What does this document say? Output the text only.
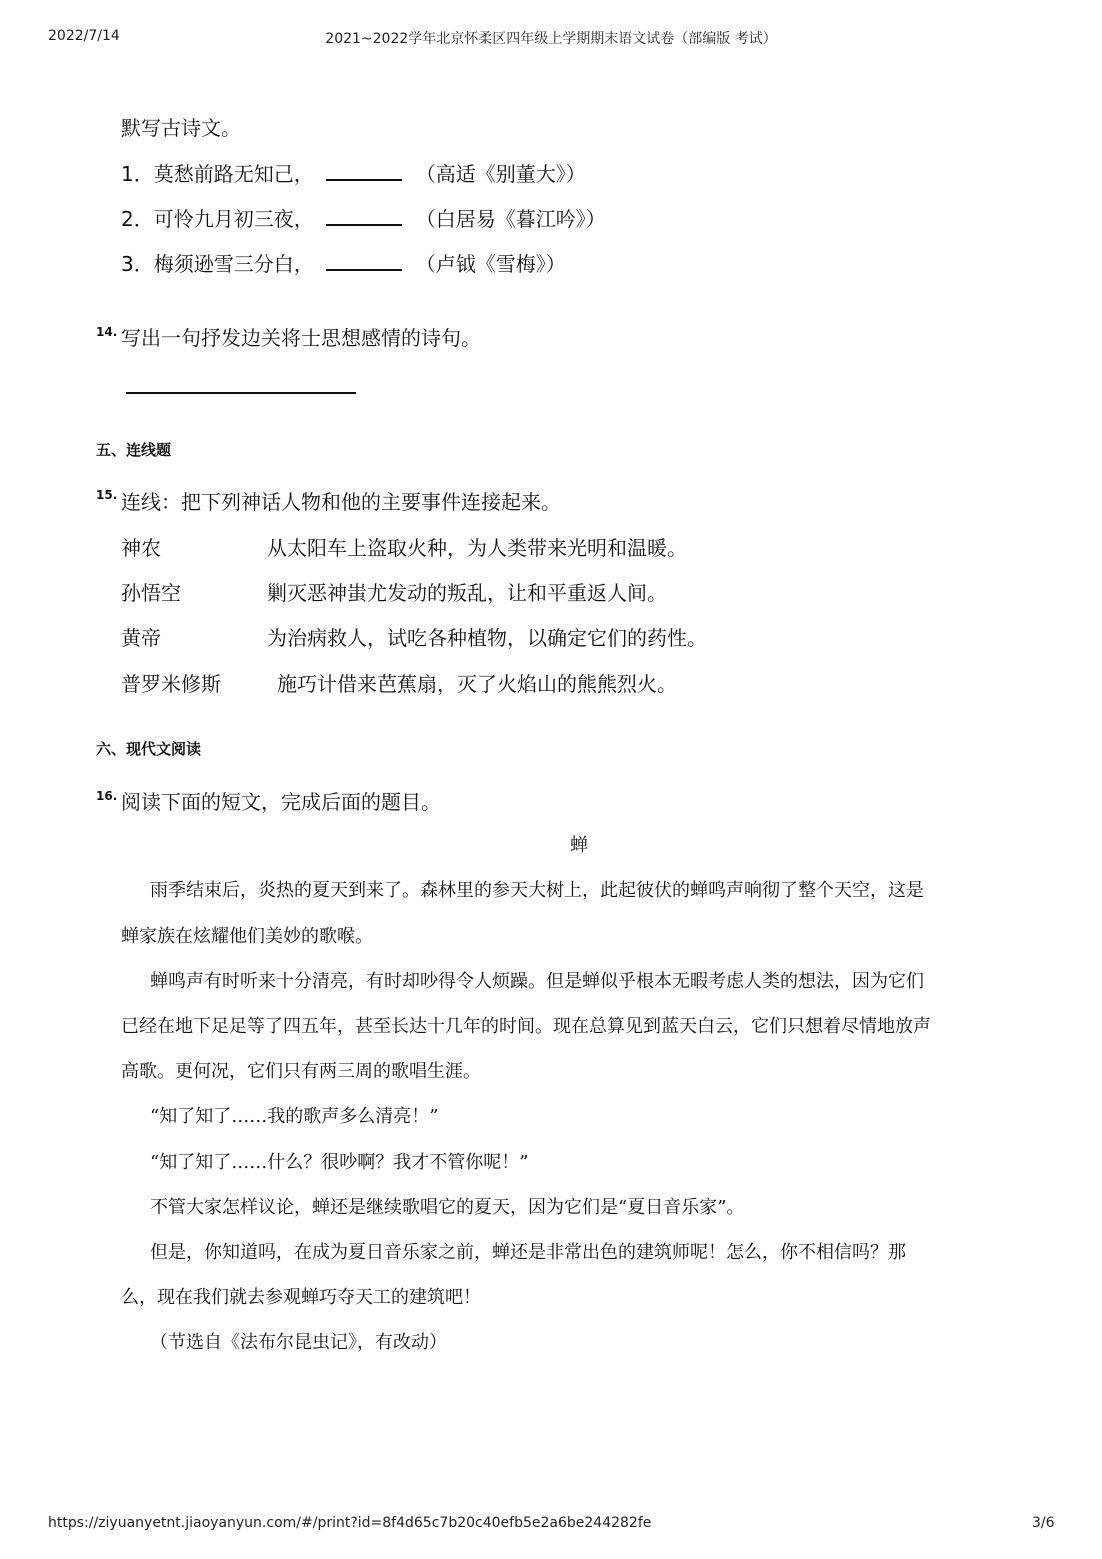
2022/7/14	2021~2022学年北京怀柔区四年级上学期期末语文试卷（部编版 考试）
默写古诗文。
1．莫愁前路无知己，	（高适《别董大》）
2．可怜九月初三夜，	（白居易《暮江吟》）
3．梅须逊雪三分白，	（卢钺《雪梅》）
14. 写出一句抒发边关将士思想感情的诗句。
五、连线题
15. 连线：把下列神话人物和他的主要事件连接起来。
神农	从太阳车上盗取火种，为人类带来光明和温暖。
孙悟空	剿灭恶神蚩尤发动的叛乱，让和平重返人间。
黄帝	为治病救人，试吃各种植物，以确定它们的药性。
普罗米修斯	施巧计借来芭蕉扇，灭了火焰山的熊熊烈火。
六、现代文阅读
16. 阅读下面的短文，完成后面的题目。
蝉
雨季结束后，炎热的夏天到来了。森林里的参天大树上，此起彼伏的蝉鸣声响彻了整个天空，这是
蝉家族在炫耀他们美妙的歌喉。
蝉鸣声有时听来十分清亮，有时却吵得令人烦躁。但是蝉似乎根本无暇考虑人类的想法，因为它们
已经在地下足足等了四五年，甚至长达十几年的时间。现在总算见到蓝天白云，它们只想着尽情地放声
高歌。更何况，它们只有两三周的歌唱生涯。
“知了知了……我的歌声多么清亮！”
“知了知了……什么？很吵啊？我才不管你呢！”
不管大家怎样议论，蝉还是继续歌唱它的夏天，因为它们是“夏日音乐家”。
但是，你知道吗，在成为夏日音乐家之前，蝉还是非常出色的建筑师呢！怎么，你不相信吗？那
么，现在我们就去参观蝉巧夺天工的建筑吧！
（节选自《法布尔昆虫记》，有改动）
https://ziyuanyetnt.jiaoyanyun.com/#/print?id=8f4d65c7b20c40efb5e2a6be244282fe	3/6
